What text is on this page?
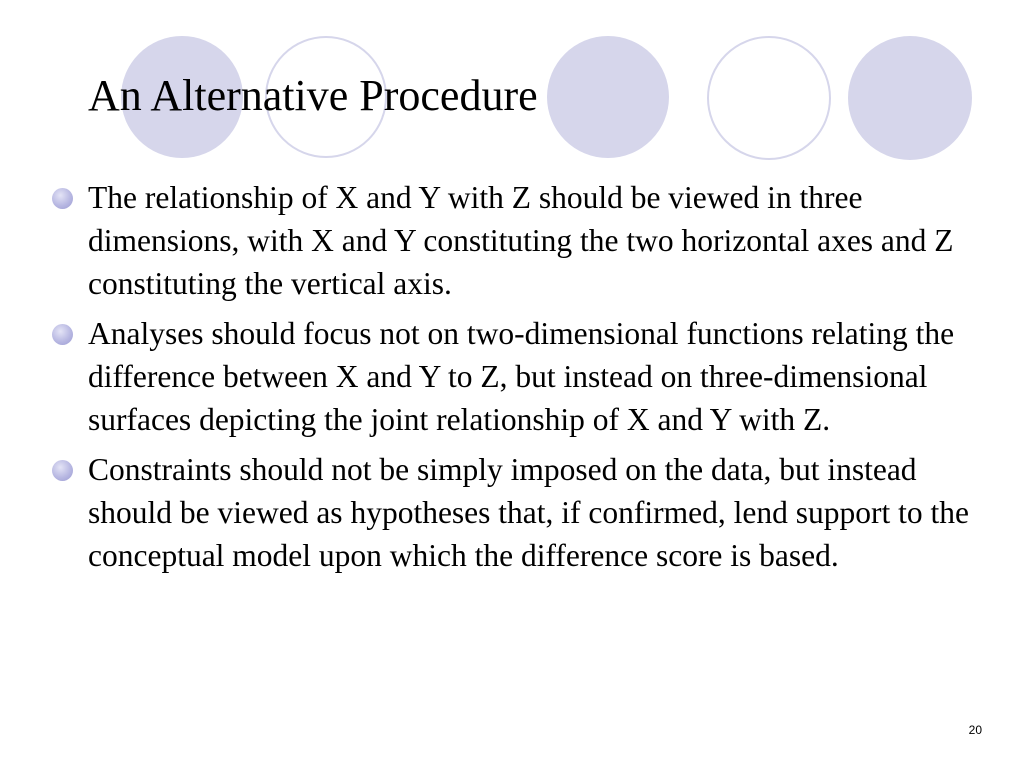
An Alternative Procedure
The relationship of X and Y with Z should be viewed in three dimensions, with X and Y constituting the two horizontal axes and Z constituting the vertical axis.
Analyses should focus not on two-dimensional functions relating the difference between X and Y to Z, but instead on three-dimensional surfaces depicting the joint relationship of X and Y with Z.
Constraints should not be simply imposed on the data, but instead should be viewed as hypotheses that, if confirmed, lend support to the conceptual model upon which the difference score is based.
20
